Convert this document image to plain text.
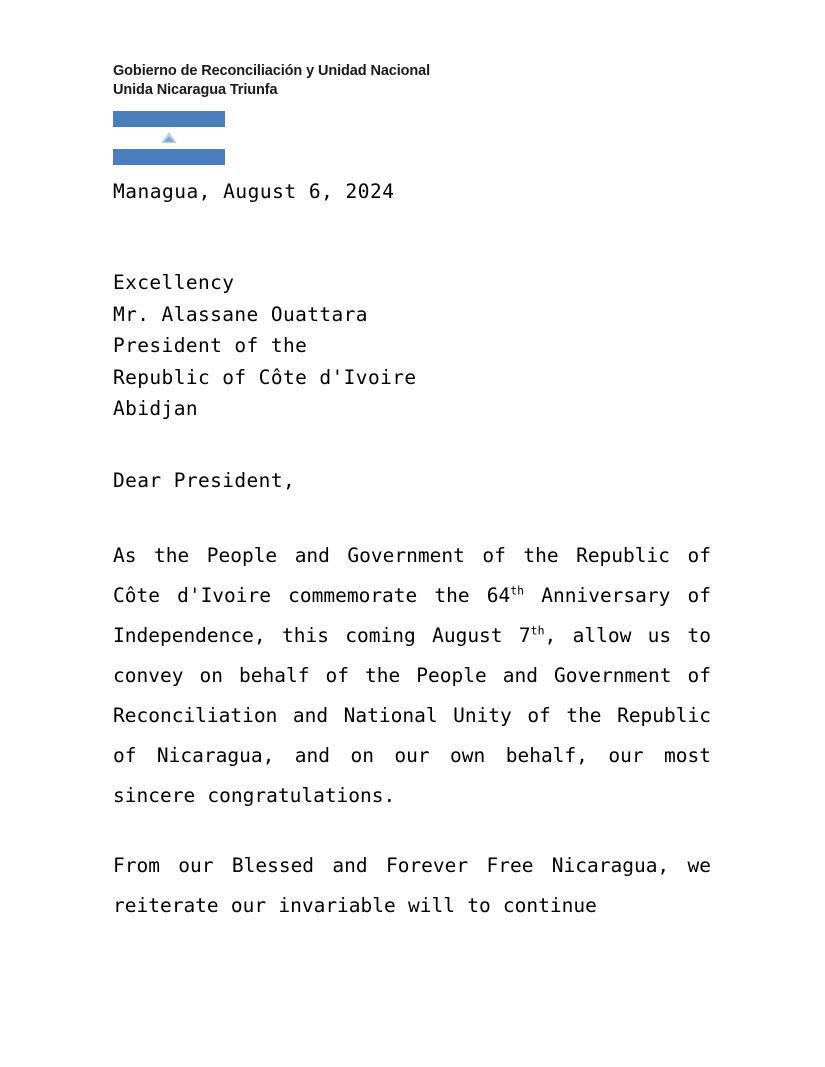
Gobierno de Reconciliación y Unidad Nacional
Unida Nicaragua Triunfa
Managua, August 6, 2024
Excellency
Mr. Alassane Ouattara
President of the
Republic of Côte d'Ivoire
Abidjan
Dear President,
As the People and Government of the Republic of Côte d'Ivoire commemorate the 64th Anniversary of Independence, this coming August 7th, allow us to convey on behalf of the People and Government of Reconciliation and National Unity of the Republic of Nicaragua, and on our own behalf, our most sincere congratulations.
From our Blessed and Forever Free Nicaragua, we reiterate our invariable will to continue
